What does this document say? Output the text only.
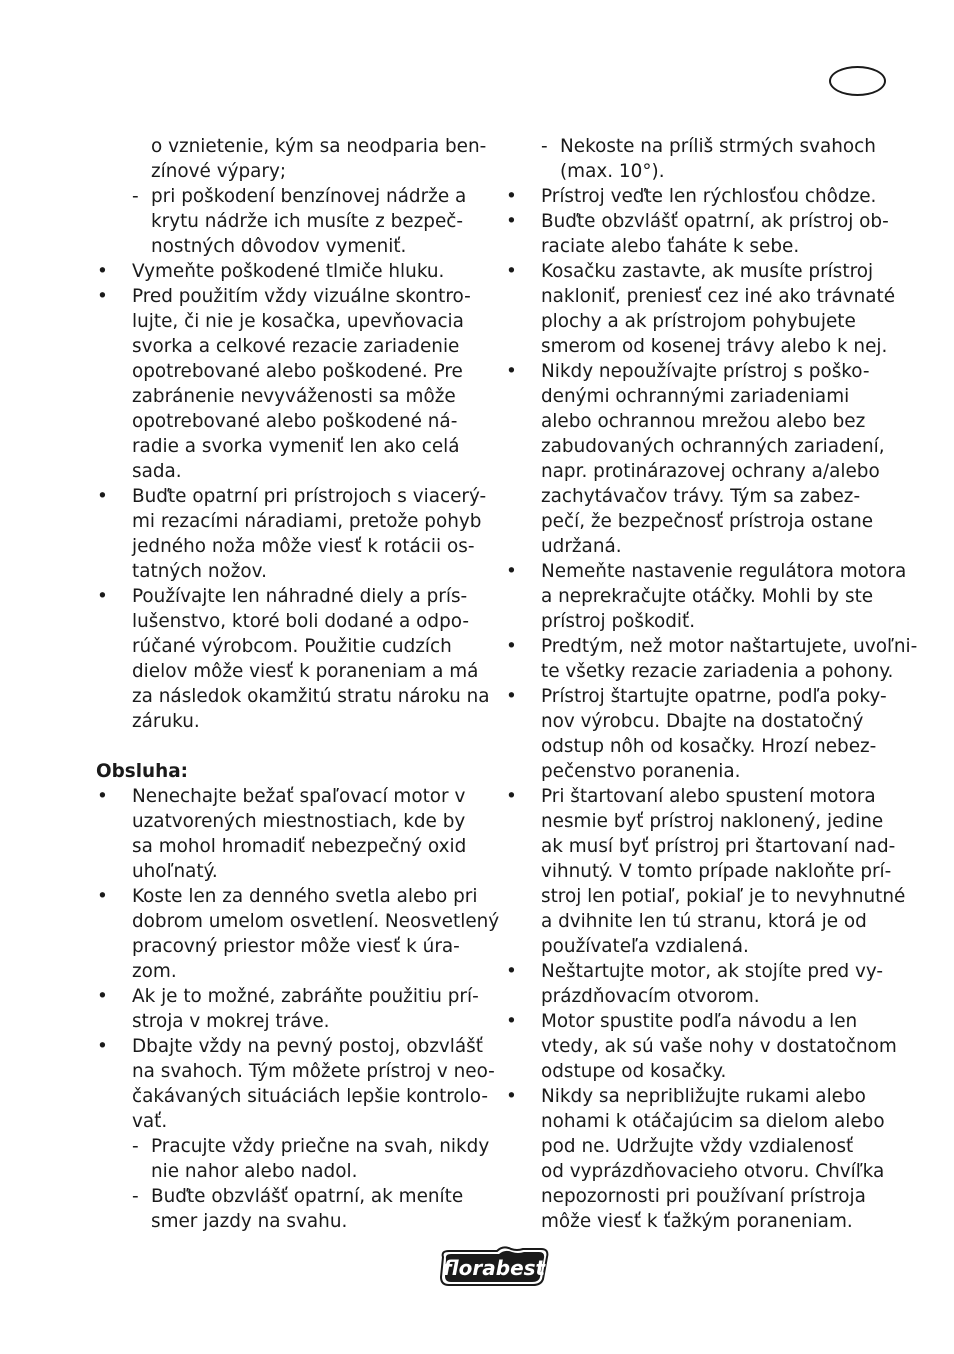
o vznietenie, kým sa neodparia ben-
zínové výpary;
- pri poškodení benzínovej nádrže a
krytu nádrže ich musíte z bezpeč-
nostných dôvodov vymeniť.
• Vymeňte poškodené tlmiče hluku.
• Pred použitím vždy vizuálne skontro-
lujte, či nie je kosačka, upevňovacia
svorka a celkové rezacie zariadenie
opotrebované alebo poškodené. Pre
zabránenie nevyváženosti sa môže
opotrebované alebo poškodené ná-
radie a svorka vymeniť len ako celá
sada.
• Buďte opatrní pri prístrojoch s viacerý-
mi rezacími náradiami, pretože pohyb
jedného noža môže viesť k rotácii os-
tatných nožov.
• Používajte len náhradné diely a prís-
lušenstvo, ktoré boli dodané a odpo-
rúčané výrobcom. Použitie cudzích
dielov môže viesť k poraneniam a má
za následok okamžitú stratu nároku na
záruku.
Obsluha:
• Nenechajte bežať spaľovací motor v
uzatvorených miestnostiach, kde by
sa mohol hromadiť nebezpečný oxid
uhoľnatý.
• Koste len za denného svetla alebo pri
dobrom umelom osvetlení. Neosvetlený
pracovný priestor môže viesť k úra-
zom.
• Ak je to možné, zabráňte použitiu prí-
stroja v mokrej tráve.
• Dbajte vždy na pevný postoj, obzvlášť
na svahoch. Tým môžete prístroj v neo-
čakávaných situáciách lepšie kontrolo-
vať.
- Pracujte vždy priečne na svah, nikdy
nie nahor alebo nadol.
- Buďte obzvlášť opatrní, ak meníte
smer jazdy na svahu.
- Nekoste na príliš strmých svahoch
(max. 10°).
• Prístroj veďte len rýchlosťou chôdze.
• Buďte obzvlášť opatrní, ak prístroj ob-
raciate alebo ťaháte k sebe.
• Kosačku zastavte, ak musíte prístroj
nakloniť, preniesť cez iné ako trávnaté
plochy a ak prístrojom pohybujete
smerom od kosenej trávy alebo k nej.
• Nikdy nepoužívajte prístroj s poško-
denými ochrannými zariadeniami
alebo ochrannou mrežou alebo bez
zabudovaných ochranných zariadení,
napr. protinárazovej ochrany a/alebo
zachytávačov trávy. Tým sa zabez-
pečí, že bezpečnosť prístroja ostane
udržaná.
• Nemeňte nastavenie regulátora motora
a neprekračujte otáčky. Mohli by ste
prístroj poškodiť.
• Predtým, než motor naštartujete, uvoľni-
te všetky rezacie zariadenia a pohony.
• Prístroj štartujte opatrne, podľa poky-
nov výrobcu. Dbajte na dostatočný
odstup nôh od kosačky. Hrozí nebez-
pečenstvo poranenia.
• Pri štartovaní alebo spustení motora
nesmie byť prístroj naklonený, jedine
ak musí byť prístroj pri štartovaní nad-
vihnutý. V tomto prípade nakloňte prí-
stroj len potiaľ, pokiaľ je to nevyhnutné
a dvihnite len tú stranu, ktorá je od
používateľa vzdialená.
• Neštartujte motor, ak stojíte pred vy-
prázdňovacím otvorom.
• Motor spustite podľa návodu a len
vtedy, ak sú vaše nohy v dostatočnom
odstupe od kosačky.
• Nikdy sa nepribližujte rukami alebo
nohami k otáčajúcim sa dielom alebo
pod ne. Udržujte vždy vzdialenosť
od vyprázdňovacieho otvoru. Chvíľka
nepozornosti pri používaní prístroja
môže viesť k ťažkým poraneniam.
florabest
